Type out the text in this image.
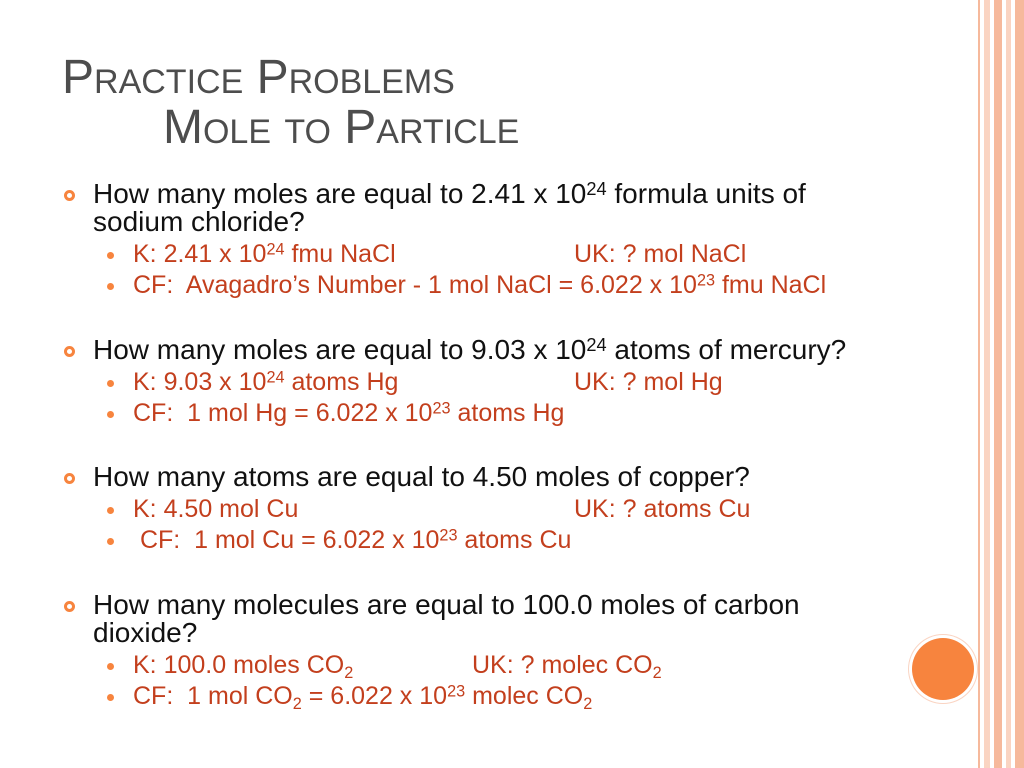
Practice Problems
Mole to Particle
How many moles are equal to 2.41 x $10^{24}$ formula units of sodium chloride?
K: 2.41 x $10^{24}$ fmu NaCl	UK: ? mol NaCl
CF:  Avagadro’s Number - 1 mol NaCl = 6.022 x $10^{23}$ fmu NaCl
How many moles are equal to 9.03 x $10^{24}$ atoms of mercury?
K: 9.03 x $10^{24}$ atoms Hg	UK: ? mol Hg
CF:  1 mol Hg = 6.022 x $10^{23}$ atoms Hg
How many atoms are equal to 4.50 moles of copper?
K: 4.50 mol Cu	UK: ? atoms Cu
CF:  1 mol Cu = 6.022 x $10^{23}$ atoms Cu
How many molecules are equal to 100.0 moles of carbon dioxide?
K: 100.0 moles $CO_2$	UK: ? molec $CO_2$
CF:  1 mol $CO_2 = 6.022$ x $10^{23}$ molec $CO_2$
